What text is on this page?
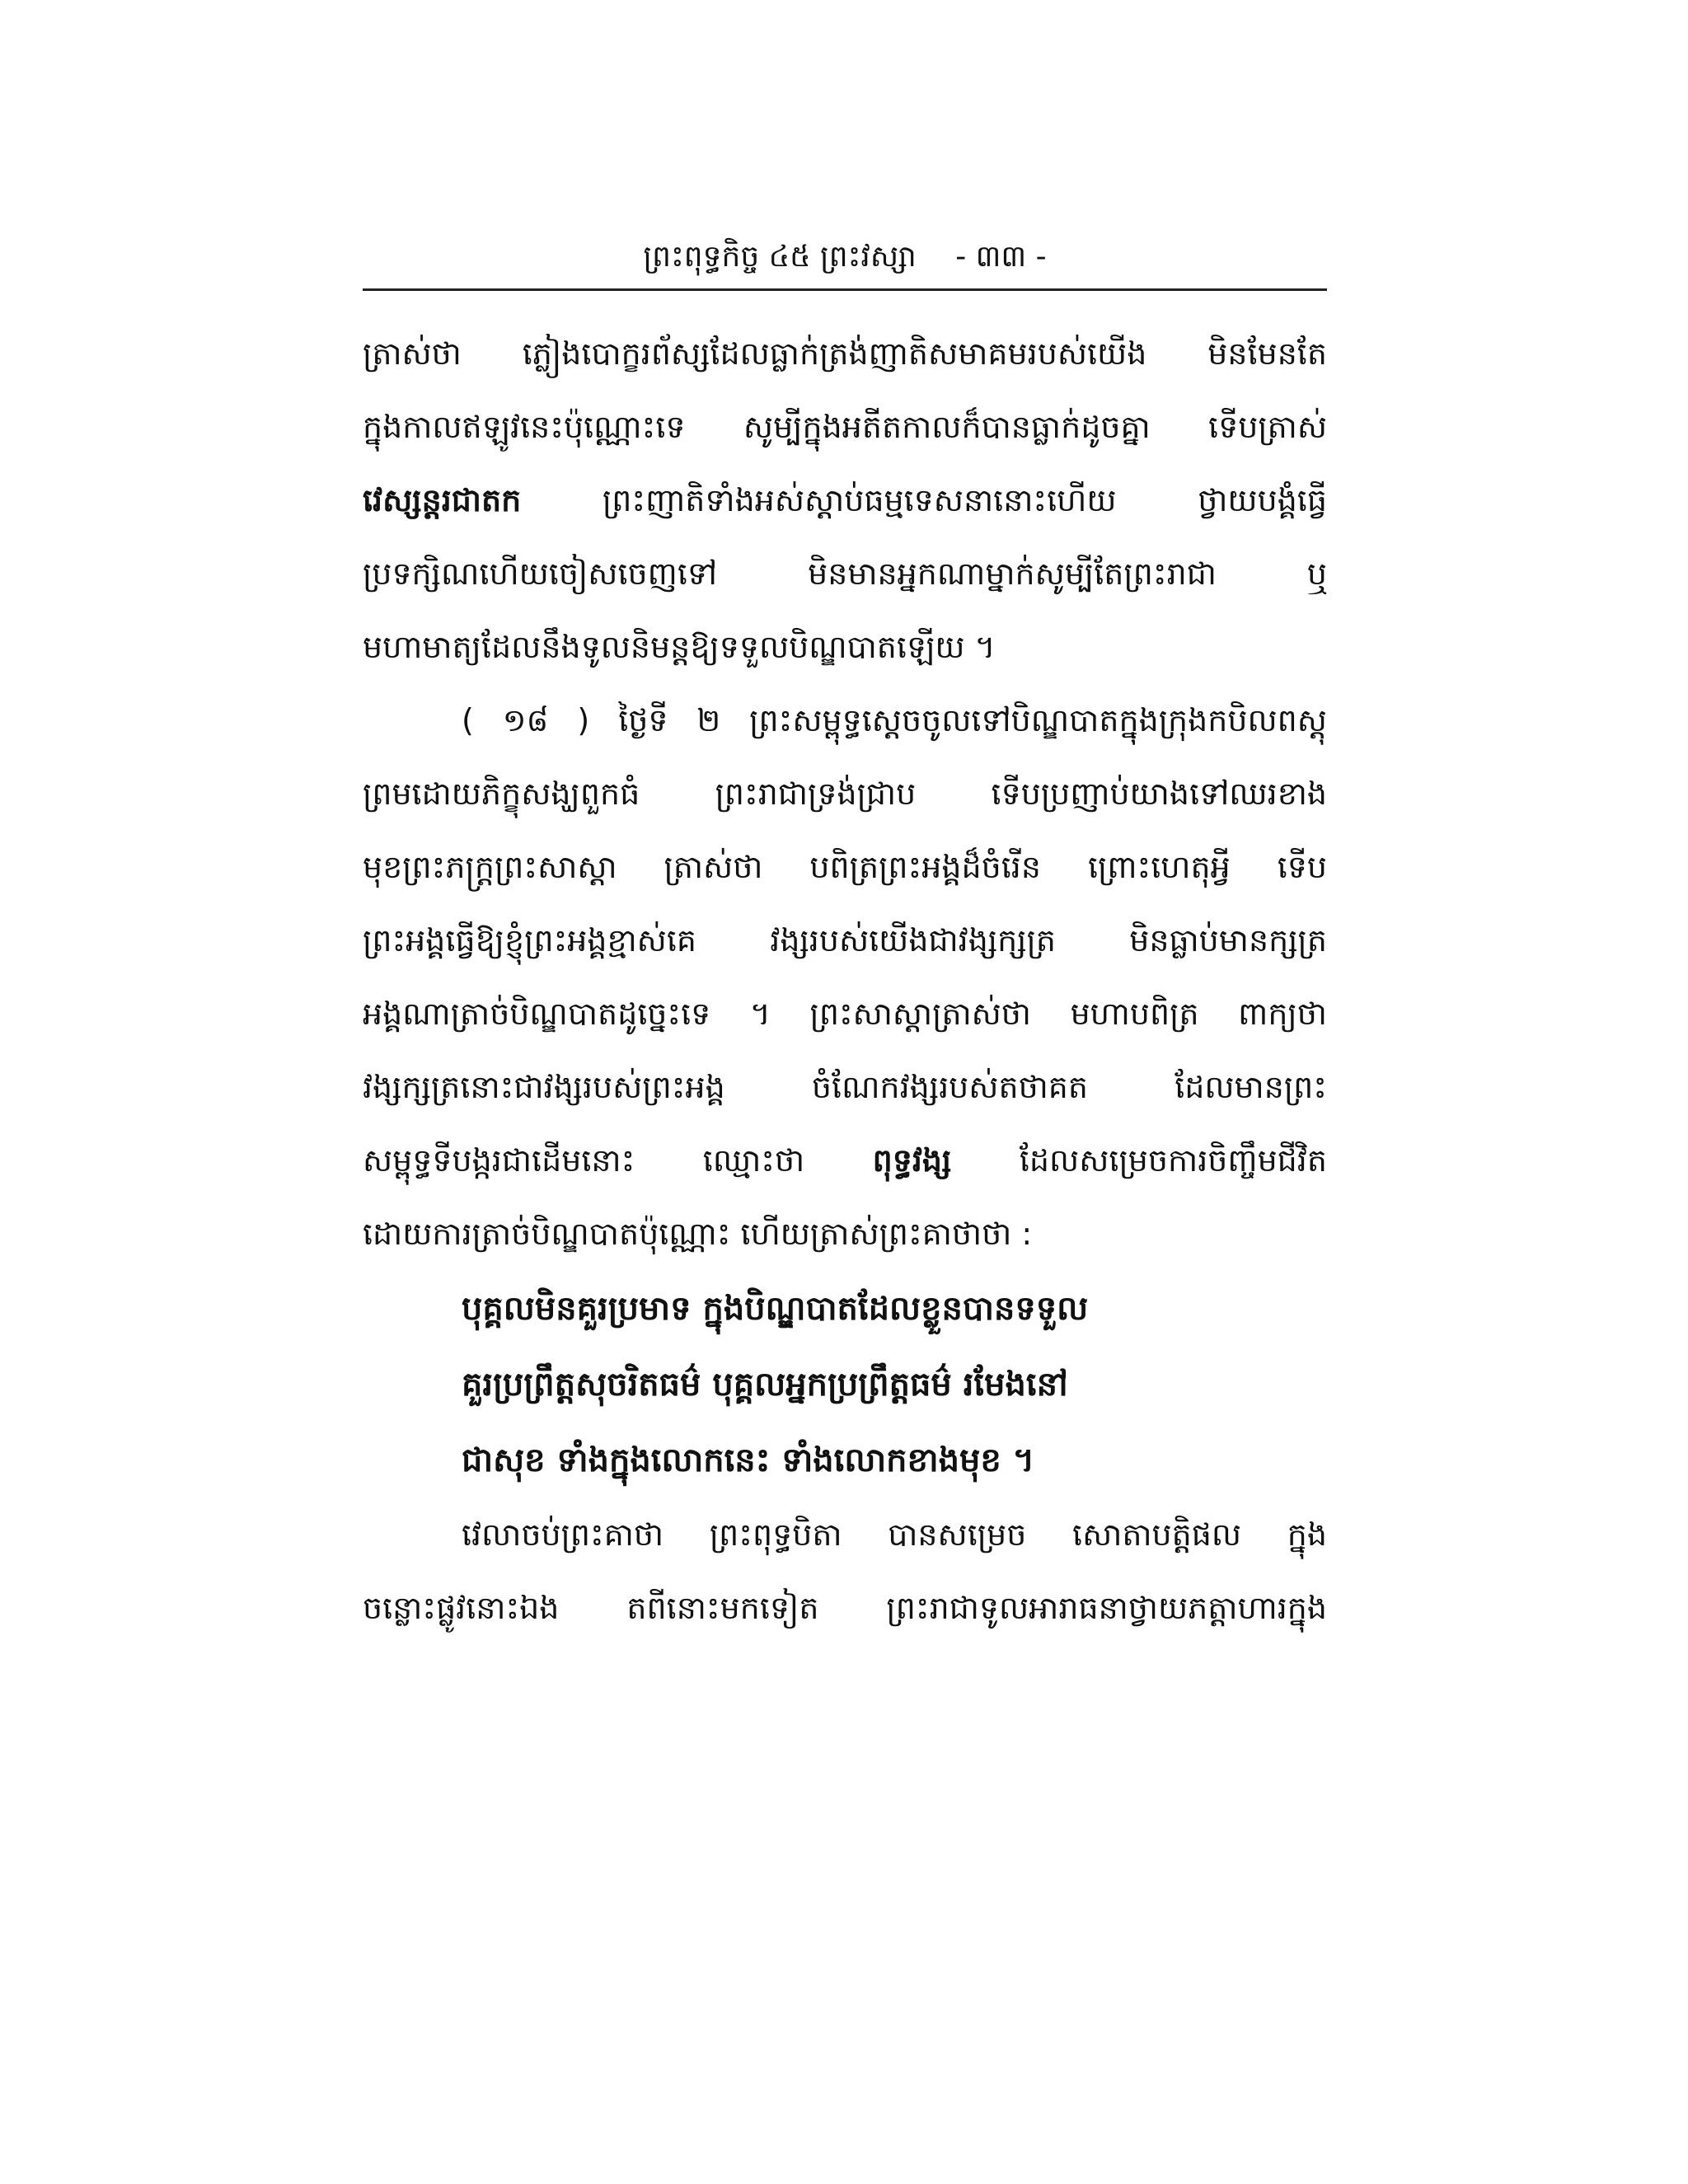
ព្រះពុទ្ធកិច្ច ៤៥ ព្រះវស្សា - ៣៣ -
ត្រាស់ថា ភ្លៀងបោក្ខរព័ស្សដែលធ្លាក់ត្រង់ញាតិសមាគមរបស់យើង មិនមែនតែ
ក្នុងកាលឥឡូវនេះប៉ុណ្ណោះទេ សូម្បីក្នុងអតីតកាលក៏បានធ្លាក់ដូចគ្នា ទើបត្រាស់
វេស្សន្តរជាតក ព្រះញាតិទាំងអស់ស្តាប់ធម្មទេសនានោះហើយ ថ្វាយបង្គំធ្វើ
ប្រទក្សិណហើយចៀសចេញទៅ មិនមានអ្នកណាម្នាក់សូម្បីតែព្រះរាជា ឬ
មហាមាត្យដែលនឹងទូលនិមន្តឱ្យទទួលបិណ្ឌបាតឡើយ ។
( ១៨ ) ថ្ងៃទី ២ ព្រះសម្ពុទ្ធស្តេចចូលទៅបិណ្ឌបាតក្នុងក្រុងកបិលពស្តុ
ព្រមដោយភិក្ខុសង្ឃពួកធំ ព្រះរាជាទ្រង់ជ្រាប ទើបប្រញាប់យាងទៅឈរខាង
មុខព្រះភក្រ្តព្រះសាស្តា ត្រាស់ថា បពិត្រព្រះអង្គដ៏ចំរើន ព្រោះហេតុអ្វី ទើប
ព្រះអង្គធ្វើឱ្យខ្ញុំព្រះអង្គខ្មាស់គេ វង្សរបស់យើងជាវង្សក្សត្រ មិនធ្លាប់មានក្សត្រ
អង្គណាត្រាច់បិណ្ឌបាតដូច្នេះទេ ។ ព្រះសាស្តាត្រាស់ថា មហាបពិត្រ ពាក្យថា
វង្សក្សត្រនោះជាវង្សរបស់ព្រះអង្គ ចំណែកវង្សរបស់តថាគត ដែលមានព្រះ
សម្ពុទ្ធទីបង្ករជាដើមនោះ ឈ្មោះថា ពុទ្ធវង្ស ដែលសម្រេចការចិញ្ចឹមជីវិត
ដោយការត្រាច់បិណ្ឌបាតប៉ុណ្ណោះ ហើយត្រាស់ព្រះគាថាថា :
បុគ្គលមិនគួរប្រមាទ ក្នុងបិណ្ឌបាតដែលខ្លួនបានទទួល
គួរប្រព្រឹត្តសុចរិតធម៌ បុគ្គលអ្នកប្រព្រឹត្តធម៌ រមែងនៅ
ជាសុខ ទាំងក្នុងលោកនេះ ទាំងលោកខាងមុខ ។
វេលាចប់ព្រះគាថា ព្រះពុទ្ធបិតា បានសម្រេច សោតាបត្តិផល ក្នុង
ចន្លោះផ្លូវនោះឯង តពីនោះមកទៀត ព្រះរាជាទូលអារាធនាថ្វាយភត្តាហារក្នុង
